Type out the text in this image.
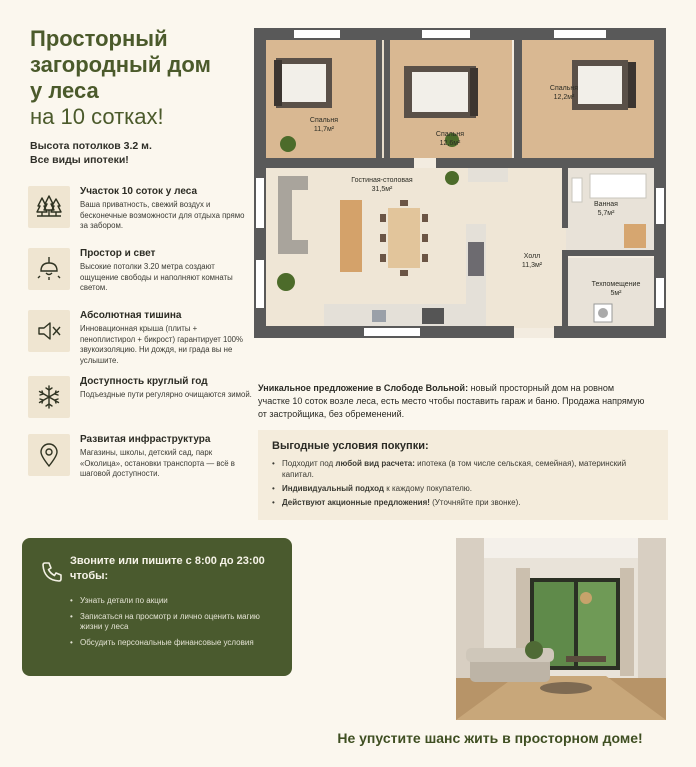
Просторный
загородный дом
у леса
на 10 сотках!
Высота потолков 3.2 м.
Все виды ипотеки!
Участок 10 соток у леса
Ваша приватность, свежий воздух и бесконечные возможности для отдыха прямо за забором.
Простор и свет
Высокие потолки 3.20 метра создают ощущение свободы и наполняют комнаты светом.
Абсолютная тишина
Инновационная крыша (плиты + пеноплистирол + бикрост) гарантирует 100% звукоизоляцию. Ни дождя, ни града вы не услышите.
Доступность круглый год
Подъездные пути регулярно очищаются зимой.
Развитая инфраструктура
Магазины, школы, детский сад, парк «Околица», остановки транспорта — всё в шаговой доступности.
Спальня
11,7м²
Спальня
12,6м²
Спальня
12,2м²
Гостиная-столовая
31,5м²
Ванная
5,7м²
Холл
11,3м²
Техпомещение
5м²
Уникальное предложение в Слободе Вольной: новый просторный дом на ровном участке 10 соток возле леса, есть место чтобы поставить гараж и баню. Продажа напрямую от застройщика, без обременений.
Выгодные условия покупки:
• Подходит под любой вид расчета: ипотека (в том числе сельская, семейная), материнский капитал.
• Индивидуальный подход к каждому покупателю.
• Действуют акционные предложения! (Уточняйте при звонке).
Звоните или пишите с 8:00 до 23:00 чтобы:
• Узнать детали по акции
• Записаться на просмотр и лично оценить магию жизни у леса
• Обсудить персональные финансовые условия
Не упустите шанс жить в просторном доме!
